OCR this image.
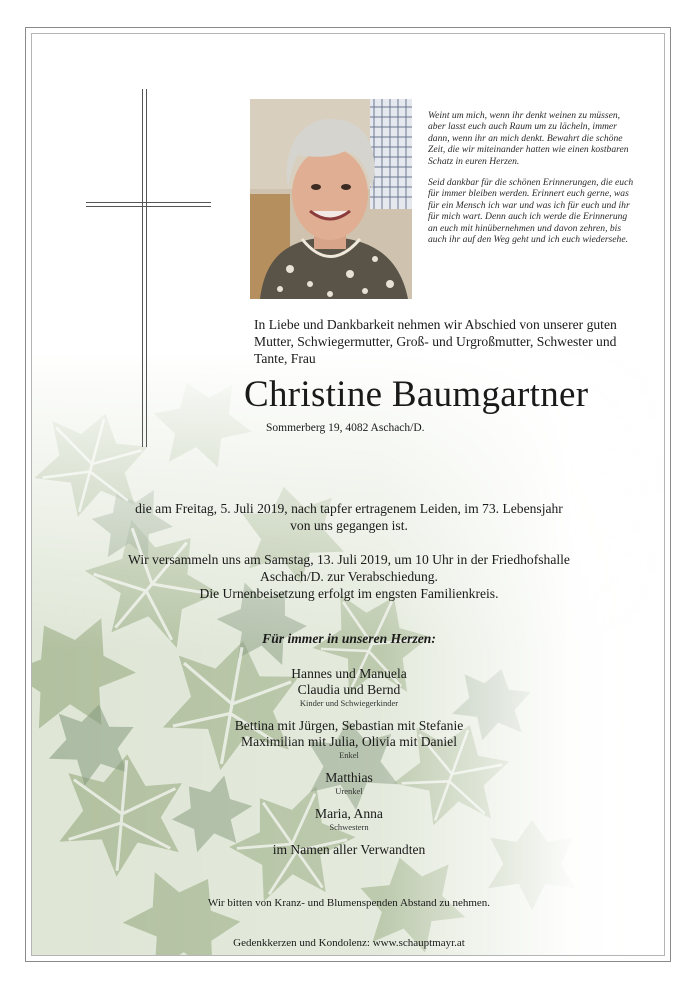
Weint um mich, wenn ihr denkt weinen zu müssen, aber lasst euch auch Raum um zu lächeln, immer dann, wenn ihr an mich denkt. Bewahrt die schöne Zeit, die wir miteinander hatten wie einen kostbaren Schatz in euren Herzen.

Seid dankbar für die schönen Erinnerungen, die euch für immer bleiben werden. Erinnert euch gerne, was für ein Mensch ich war und was ich für euch und ihr für mich wart. Denn auch ich werde die Erinnerung an euch mit hinübernehmen und davon zehren, bis auch ihr auf den Weg geht und ich euch wiedersehe.

In Liebe und Dankbarkeit nehmen wir Abschied von unserer guten Mutter, Schwiegermutter, Groß- und Urgroßmutter, Schwester und Tante, Frau
Christine Baumgartner
Sommerberg 19, 4082 Aschach/D.
die am Freitag, 5. Juli 2019, nach tapfer ertragenem Leiden, im 73. Lebensjahr von uns gegangen ist.
Wir versammeln uns am Samstag, 13. Juli 2019, um 10 Uhr in der Friedhofshalle
Aschach/D. zur Verabschiedung.
Die Urnenbeisetzung erfolgt im engsten Familienkreis.
Für immer in unseren Herzen:
Hannes und Manuela
Claudia und Bernd
Kinder und Schwiegerkinder
Bettina mit Jürgen, Sebastian mit Stefanie
Maximilian mit Julia, Olivia mit Daniel
Enkel
Matthias
Urenkel
Maria, Anna
Schwestern
im Namen aller Verwandten
Wir bitten von Kranz- und Blumenspenden Abstand zu nehmen.
Gedenkkerzen und Kondolenz: www.schauptmayr.at
